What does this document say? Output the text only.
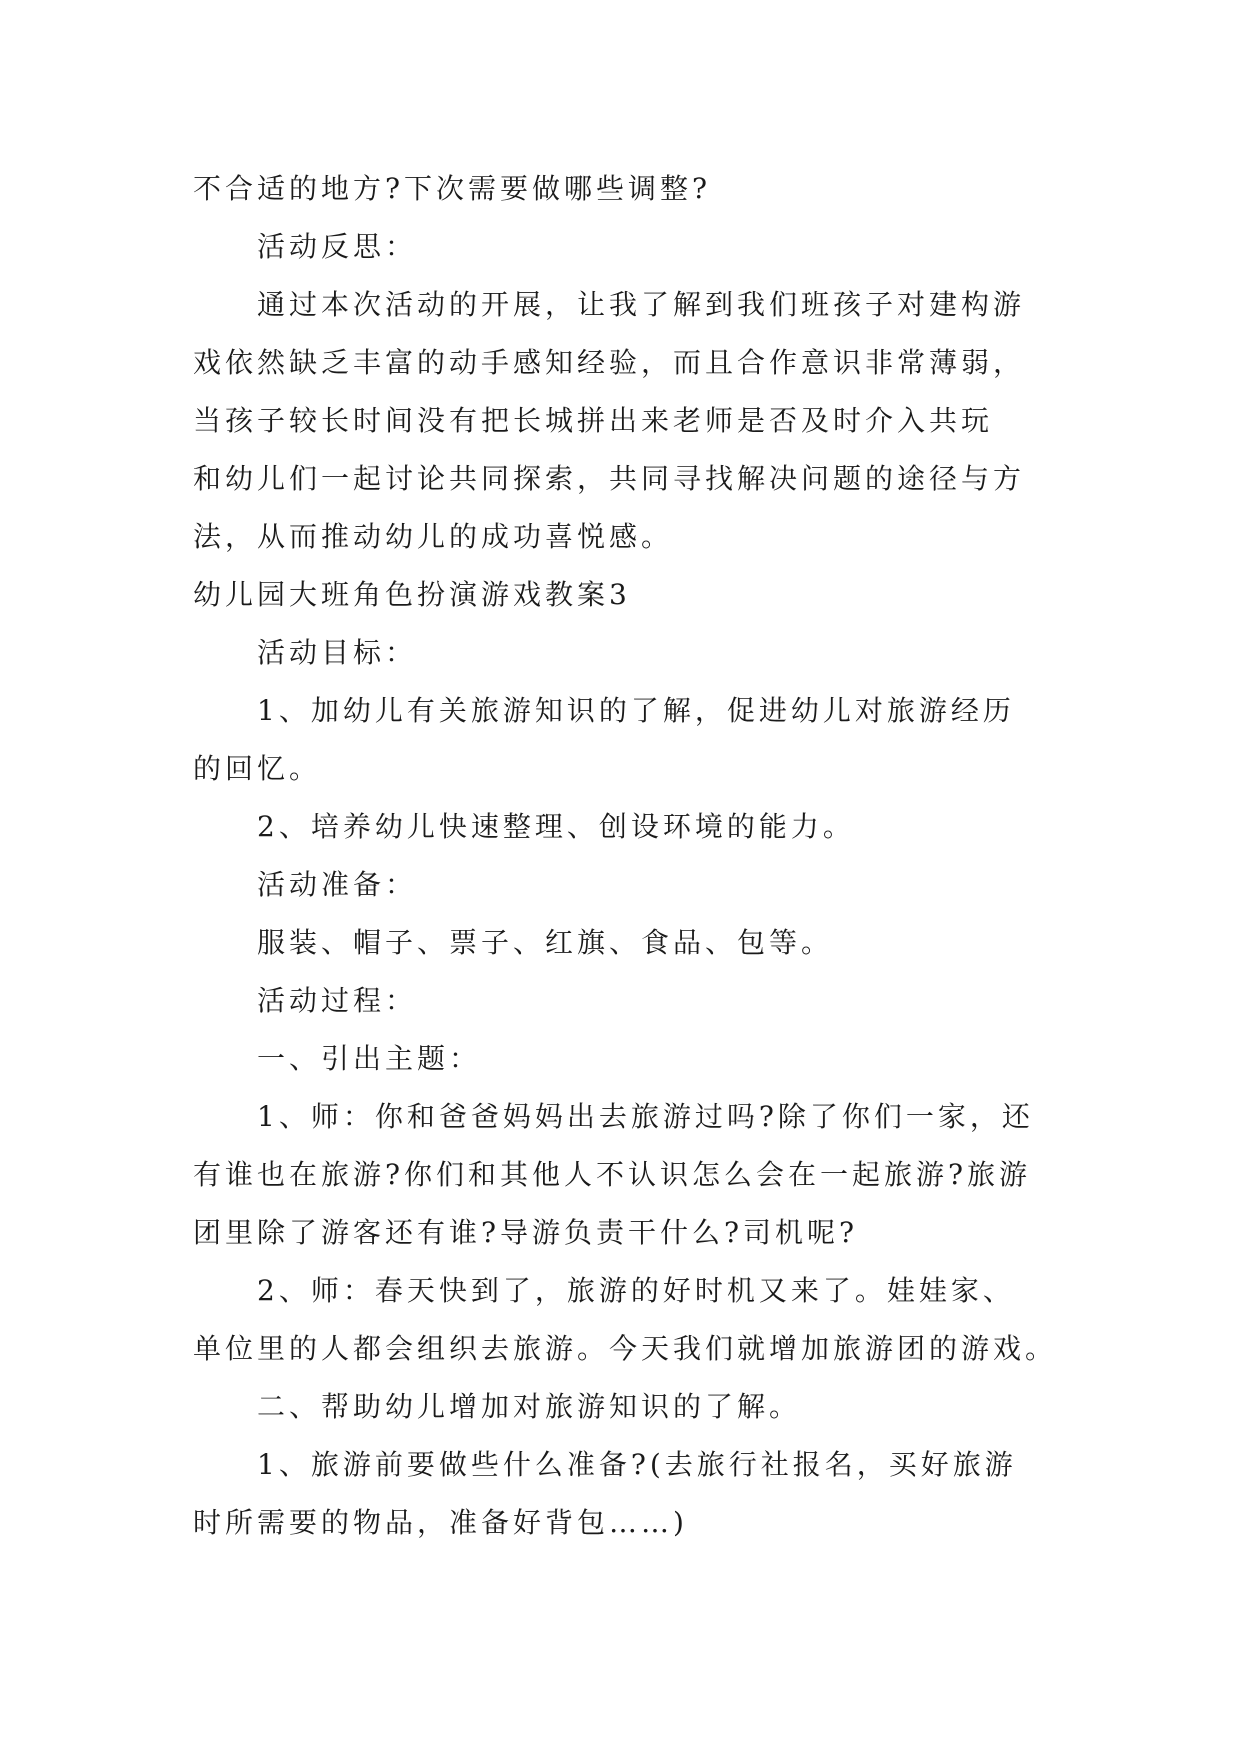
不合适的地方?下次需要做哪些调整?
活动反思：
通过本次活动的开展，让我了解到我们班孩子对建构游
戏依然缺乏丰富的动手感知经验，而且合作意识非常薄弱，
当孩子较长时间没有把长城拼出来老师是否及时介入共玩
和幼儿们一起讨论共同探索，共同寻找解决问题的途径与方
法，从而推动幼儿的成功喜悦感。
幼儿园大班角色扮演游戏教案3
活动目标：
1、加幼儿有关旅游知识的了解，促进幼儿对旅游经历
的回忆。
2、培养幼儿快速整理、创设环境的能力。
活动准备：
服装、帽子、票子、红旗、食品、包等。
活动过程：
一、引出主题：
1、师：你和爸爸妈妈出去旅游过吗?除了你们一家，还
有谁也在旅游?你们和其他人不认识怎么会在一起旅游?旅游
团里除了游客还有谁?导游负责干什么?司机呢?
2、师：春天快到了，旅游的好时机又来了。娃娃家、
单位里的人都会组织去旅游。今天我们就增加旅游团的游戏。
二、帮助幼儿增加对旅游知识的了解。
1、旅游前要做些什么准备?(去旅行社报名，买好旅游
时所需要的物品，准备好背包……)
